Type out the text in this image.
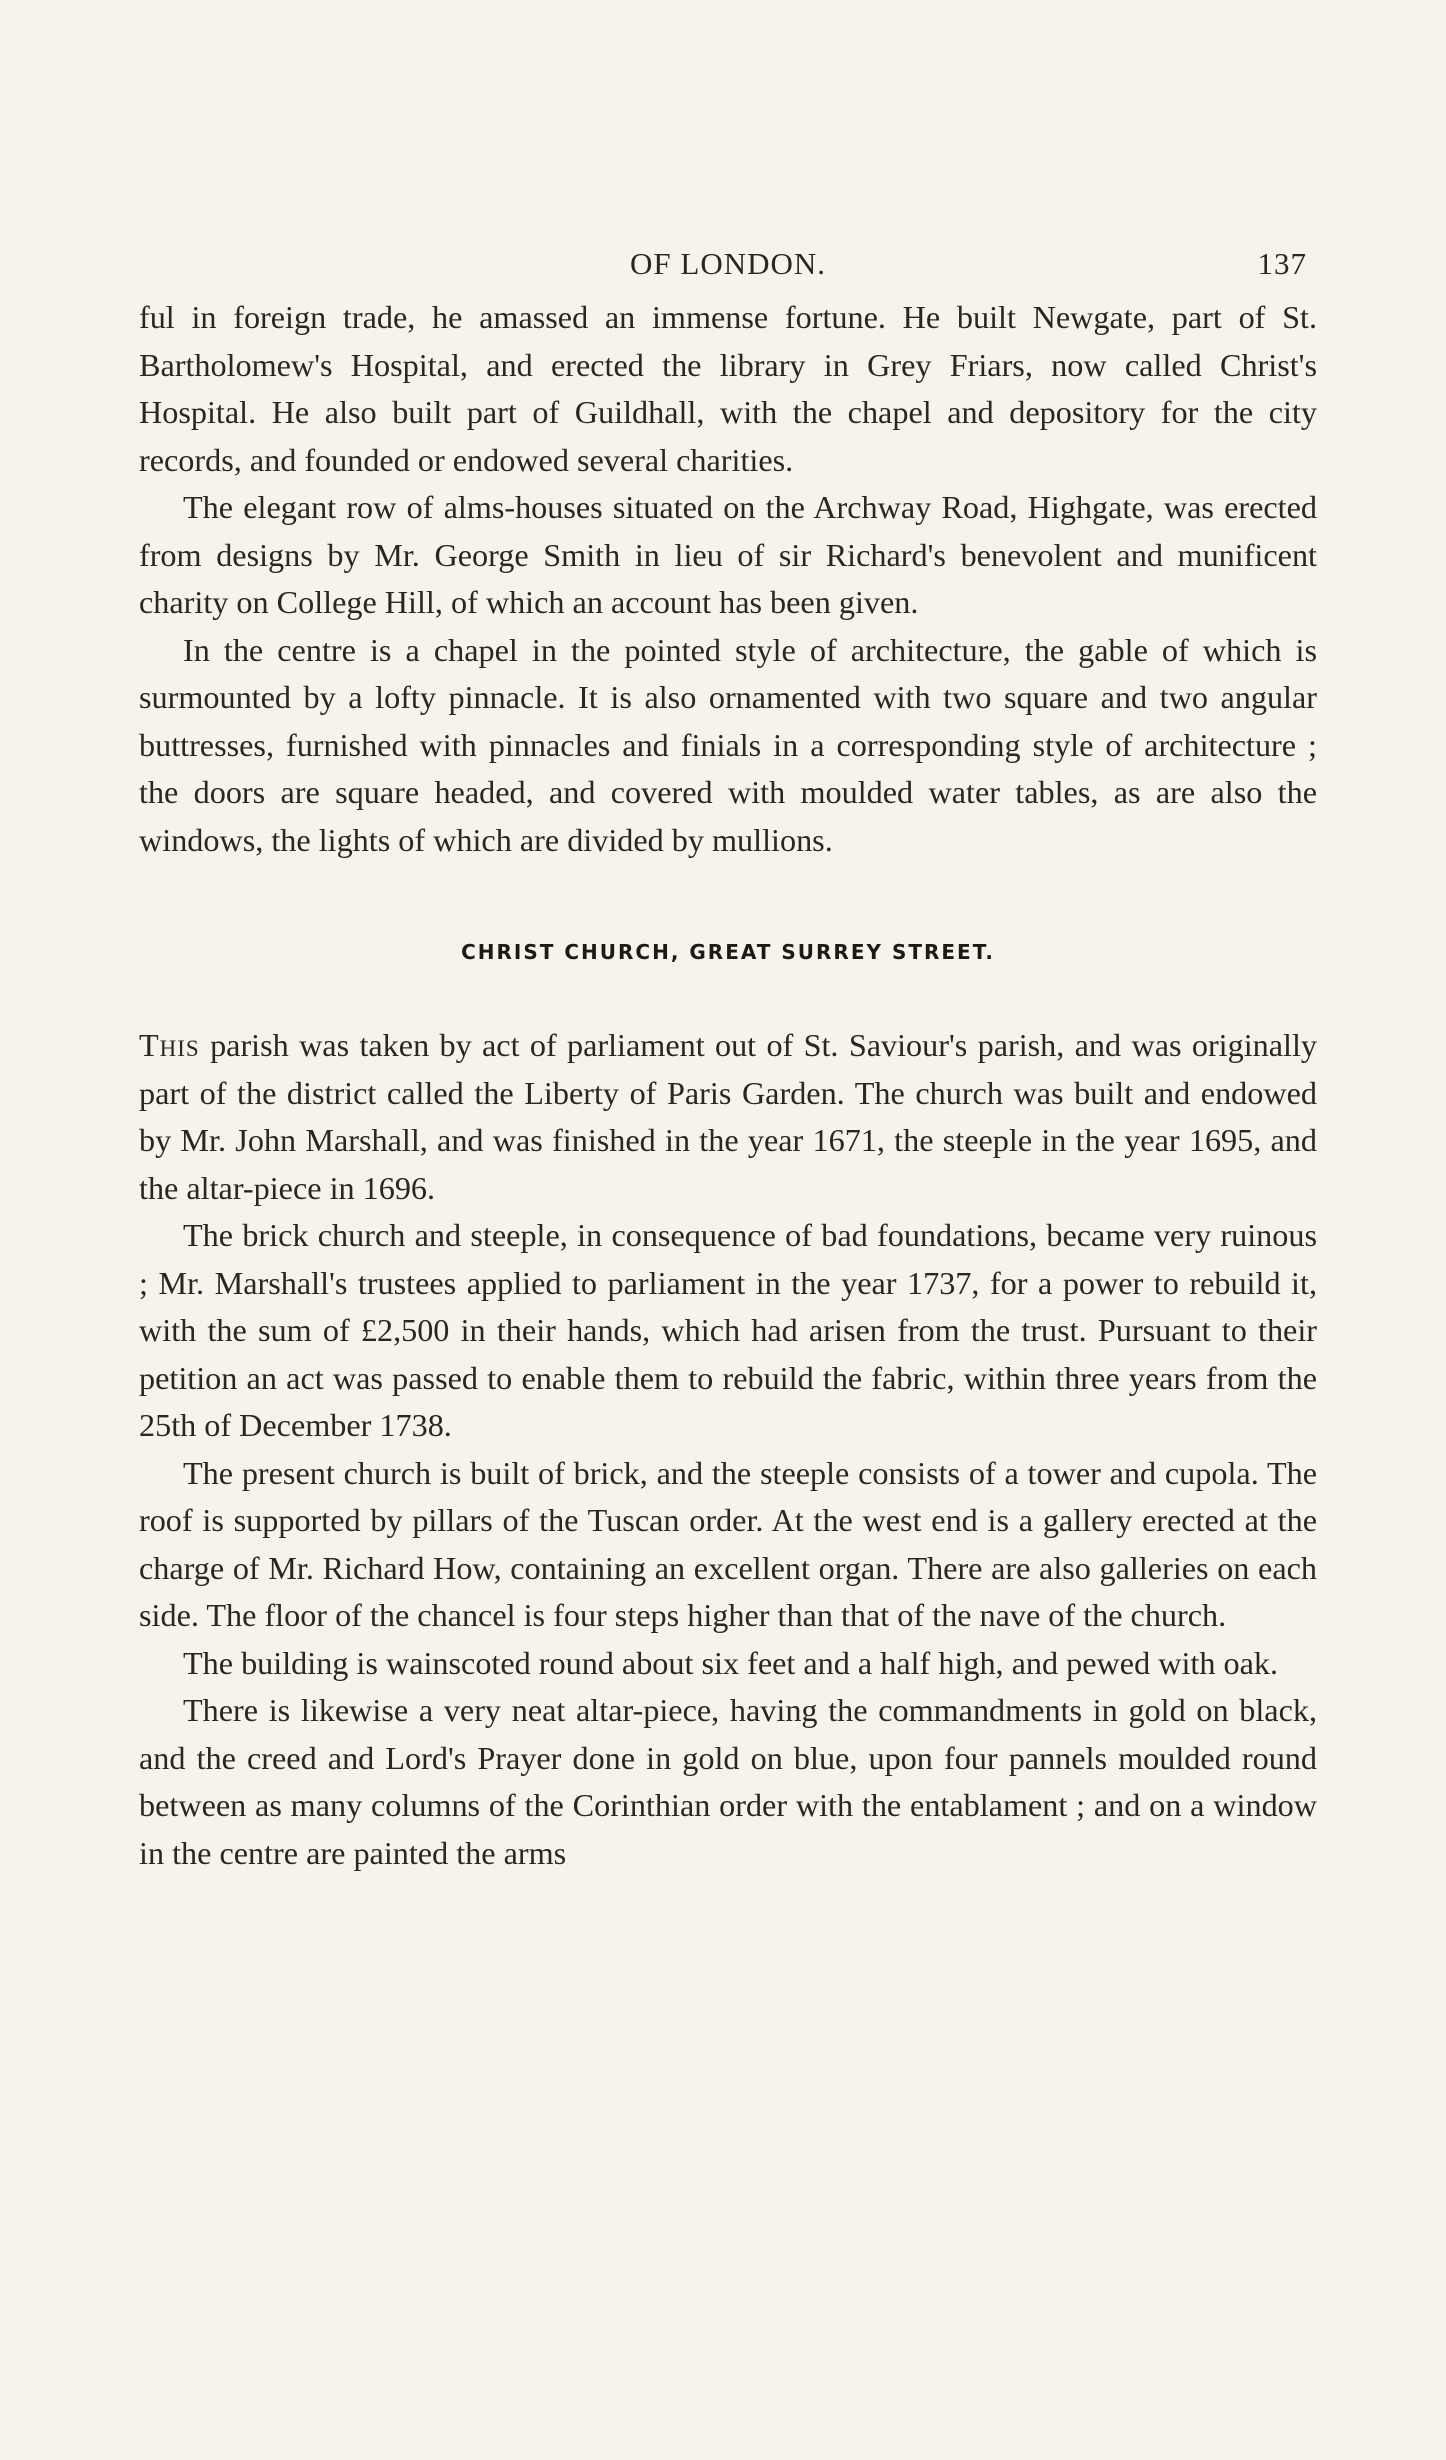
OF LONDON.	137

ful in foreign trade, he amassed an immense fortune. He built Newgate, part of St. Bartholomew's Hospital, and erected the library in Grey Friars, now called Christ's Hospital. He also built part of Guildhall, with the chapel and depository for the city records, and founded or endowed several charities.

The elegant row of alms-houses situated on the Archway Road, Highgate, was erected from designs by Mr. George Smith in lieu of sir Richard's benevolent and munificent charity on College Hill, of which an account has been given.

In the centre is a chapel in the pointed style of architecture, the gable of which is surmounted by a lofty pinnacle. It is also ornamented with two square and two angular buttresses, furnished with pinnacles and finials in a corresponding style of architecture ; the doors are square headed, and covered with moulded water tables, as are also the windows, the lights of which are divided by mullions.

CHRIST CHURCH, GREAT SURREY STREET.

This parish was taken by act of parliament out of St. Saviour's parish, and was originally part of the district called the Liberty of Paris Garden. The church was built and endowed by Mr. John Marshall, and was finished in the year 1671, the steeple in the year 1695, and the altar-piece in 1696.

The brick church and steeple, in consequence of bad foundations, became very ruinous ; Mr. Marshall's trustees applied to parliament in the year 1737, for a power to rebuild it, with the sum of £2,500 in their hands, which had arisen from the trust. Pursuant to their petition an act was passed to enable them to rebuild the fabric, within three years from the 25th of December 1738.

The present church is built of brick, and the steeple consists of a tower and cupola. The roof is supported by pillars of the Tuscan order. At the west end is a gallery erected at the charge of Mr. Richard How, containing an excellent organ. There are also galleries on each side. The floor of the chancel is four steps higher than that of the nave of the church.

The building is wainscoted round about six feet and a half high, and pewed with oak.

There is likewise a very neat altar-piece, having the commandments in gold on black, and the creed and Lord's Prayer done in gold on blue, upon four pannels moulded round between as many columns of the Corinthian order with the entablament ; and on a window in the centre are painted the arms
